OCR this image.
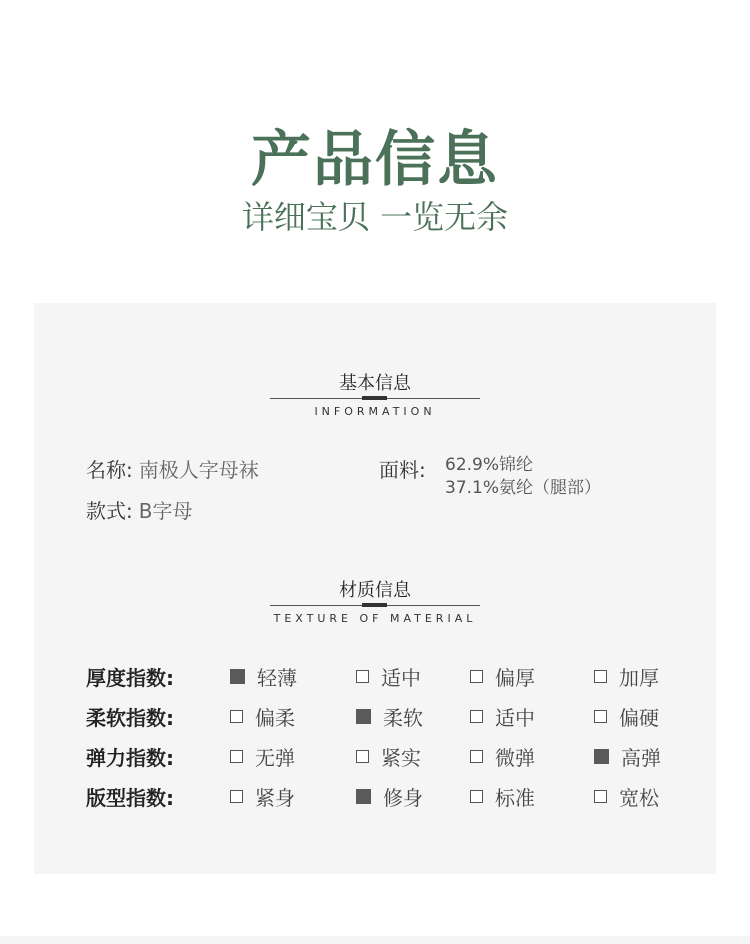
产品信息
详细宝贝 一览无余
基本信息
INFORMATION
名称: 南极人字母袜
款式: B字母
面料: 62.9%锦纶
37.1%氨纶（腿部）
材质信息
TEXTURE OF MATERIAL
厚度指数:	轻薄	适中	偏厚	加厚
柔软指数:	偏柔	柔软	适中	偏硬
弹力指数:	无弹	紧实	微弹	高弹
版型指数:	紧身	修身	标准	宽松
